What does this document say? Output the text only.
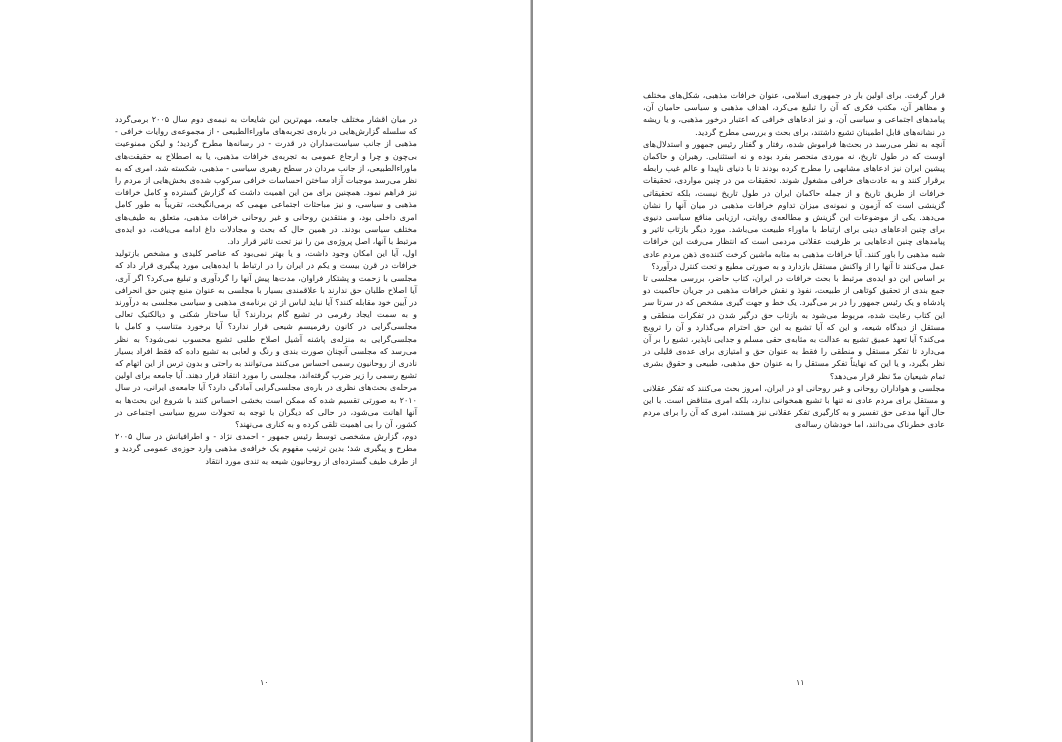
در میان اقشار مختلف جامعه، مهم‌ترین این شایعات به نیمه‌ی دوم سال ۲۰۰۵ برمی‌گردد که سلسله گزارش‌هایی در بارەی تجربه‌های ماوراءالطبیعی - از مجموعه‌ی روایات خرافی - مذهبی از جانب سیاست‌مداران در قدرت - در رسانه‌ها مطرح گردید؛ و لیکن ممنوعیت بی‌چون و چرا و ارجاع عمومی به تجربه‌ی خرافات مذهبی، یا به اصطلاح به حقیقت‌های ماوراءالطبیعی، از جانب مردان در سطح رهبری سیاسی - مذهبی، شکسته شد، امری که به نظر می‌رسد موجبات آزاد ساختن احساسات خرافی سرکوب شده‌ی بخش‌هایی از مردم را نیز فراهم نمود. همچنین برای من این اهمیت داشت که گزارش گسترده و کامل خرافات مذهبی و سیاسی، و نیز مباحثات اجتماعی مهمی که برمی‌انگیخت، تقریباً به طور کامل امری داخلی بود، و منتقدین روحانی و غیر روحانی خرافات مذهبی، متعلق به طیف‌های مختلف سیاسی بودند. در همین حال که بحث و مجادلات داغ ادامه می‌یافت، دو ایده‌ی مرتبط با آنها، اصل پروژه‌ی من را نیز تحت تاثیر قرار داد.

اول، آیا این امکان وجود داشت، و یا بهتر نمی‌بود که عناصر کلیدی و مشخص بازتولید خرافات در قرن بیست و یکم در ایران را در ارتباط با ایده‌هایی مورد پیگیری قرار داد که مجلسی با زحمت و پشتکار فراوان، مدت‌ها پیش آنها را گردآوری و تبلیغ می‌کرد؟ اگر آری، آیا اصلاح طلبان حق ندارند با علاقمندی بسیار با مجلسی به عنوان منبع چنین حق انحرافی در آیین خود مقابله کنند؟ آیا نباید لباس از تن برنامه‌ی مذهبی و سیاسی مجلسی به درآورند و به سمت ایجاد رفرمی در تشیع گام بردارند؟ آیا ساختار شکنی و دیالکتیک تعالی مجلسی‌گرایی در کانون رفرمیسم شیعی قرار ندارد؟ آیا برخورد متناسب و کامل با مجلسی‌گرایی به منزله‌ی پاشنه آشیل اصلاح طلبی تشیع محسوب نمی‌شود؟ به نظر می‌رسد که مجلسی آنچنان صورت بندی و رنگ و لعابی به تشیع داده که فقط افراد بسیار نادری از روحانیون رسمی احساس می‌کنند می‌توانند به راحتی و بدون ترس از این اتهام که تشیع رسمی را زیر ضرب گرفته‌اند، مجلسی را مورد انتقاد قرار دهند. آیا جامعه برای اولین مرحله‌ی بحث‌های نظری در بارەی مجلسی‌گرایی آمادگی دارد؟ آیا جامعه‌ی ایرانی، در سال ۲۰۱۰ به صورتی تقسیم شده که ممکن است بخشی احساس کنند با شروع این بحث‌ها به آنها اهانت می‌شود، در حالی که دیگران با توجه به تحولات سریع سیاسی اجتماعی در کشور، آن را بی اهمیت تلقی کرده و به کناری می‌نهند؟

دوم، گزارش مشخصی توسط رئیس جمهور - احمدی نژاد - و اطرافیانش در سال ۲۰۰۵ مطرح و پیگیری شد؛ بدین ترتیب مفهوم یک خرافه‌ی مذهبی وارد حوزه‌ی عمومی گردید و از طرف طیف گسترده‌ای از روحانیون شیعه به تندی مورد انتقاد

۱۰

قرار گرفت. برای اولین بار در جمهوری اسلامی، عنوان خرافات مذهبی، شکل‌های مختلف و مظاهر آن، مکتب فکری که آن را تبلیغ می‌کرد، اهداف مذهبی و سیاسی حامیان آن، پیامدهای اجتماعی و سیاسی آن، و نیز ادعاهای خرافی که اعتبار درخور مذهبی، و یا ریشه در نشانه‌های قابل اطمینان تشیع داشتند، برای بحث و بررسی مطرح گردید.

آنچه به نظر می‌رسد در بحث‌ها فراموش شده، رفتار و گفتار رئیس جمهور و استدلال‌های اوست که در طول تاریخ، نه موردی منحصر بفرد بوده و نه استثنایی. رهبران و حاکمان پیشین ایران نیز ادعاهای مشابهی را مطرح کرده بودند تا با دنیای ناپیدا و عالم غیب رابطه برقرار کنند و به عادت‌های خرافی مشغول شوند. تحقیقات من در چنین مواردی، تحقیقات خرافات از طریق تاریخ و از جمله حاکمان ایران در طول تاریخ نیست، بلکه تحقیقاتی گزینشی است که آزمون و نمونه‌ی میزان تداوم خرافات مذهبی در میان آنها را نشان می‌دهد. یکی از موضوعات این گزینش و مطالعه‌ی روایتی، ارزیابی مناقع سیاسی دنیوی برای چنین ادعاهای دینی برای ارتباط با ماوراء طبیعت می‌باشد. مورد دیگر بازتاب تاثیر و پیامدهای چنین ادعاهایی بر ظرفیت عقلانی مردمی است که انتظار می‌رفت این خرافات شبه مذهبی را باور کنند. آیا خرافات مذهبی به مثابه ماشین کرخت کننده‌ی ذهن مردم عادی عمل می‌کنند تا آنها را از واکنش مستقل بازدارد و به صورتی مطیع و تحت کنترل درآورد؟

بر اساس این دو ایده‌ی مرتبط با بحث خرافات در ایران، کتاب حاضر، بررسی مجلسی تا جمع بندی از تحقیق کوتاهی از طبیعت، نفوذ و نقش خرافات مذهبی در جریان حاکمیت دو پادشاه و یک رئیس جمهور را در بر می‌گیرد. یک خط و جهت گیری مشخص که در سرتا سر این کتاب رعایت شده، مربوط می‌شود به بازتاب حق درگیر شدن در تفکرات منطقی و مستقل از دیدگاه شیعه، و این که آیا تشیع به این حق احترام می‌گذارد و آن را ترویج می‌کند؟ آیا تعهد عمیق تشیع به عدالت به مثابه‌ی حقی مسلم و جدایی ناپذیر، تشیع را بر آن می‌دارد تا تفکر مستقل و منطقی را فقط به عنوان حق و امتیازی برای عده‌ی قلیلی در نظر بگیرد، و یا این که نهایتاً تفکر مستقل را به عنوان حق مذهبی، طبیعی و حقوق بشری تمام شیعیان مدّ نظر قرار می‌دهد؟

مجلسی و هواداران روحانی و غیر روحانی او در ایران، امروز بحث می‌کنند که تفکر عقلانی و مستقل برای مردم عادی نه تنها با تشیع همخوانی ندارد، بلکه امری متناقض است. با این حال آنها مدعی حق تفسیر و به کارگیری تفکر عقلانی نیز هستند، امری که آن را برای مردم عادی خطرناک می‌دانند، اما خودشان رساله‌ی

۱۱
